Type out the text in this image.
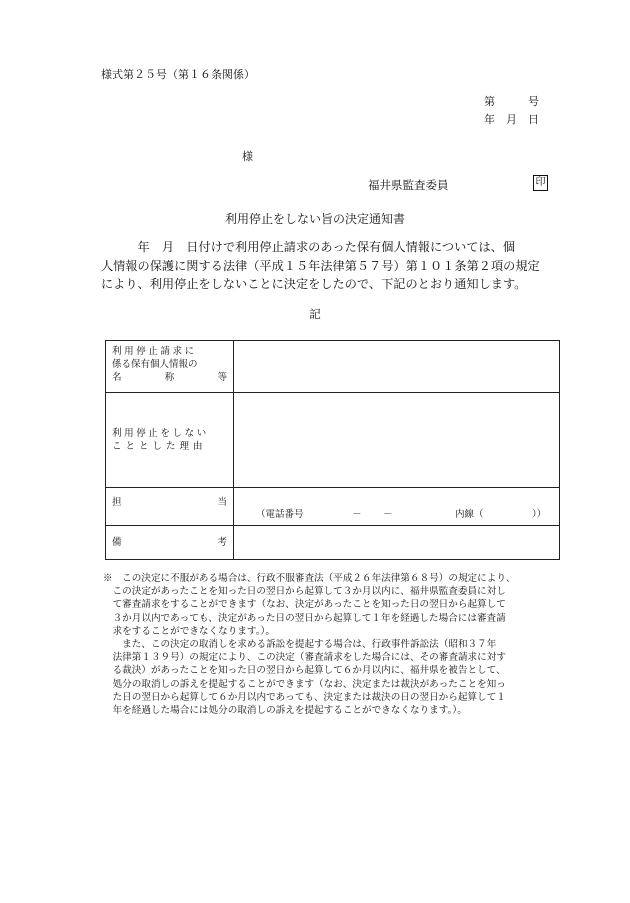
様式第２５号（第１６条関係）
第　　　号
年　月　日
様
福井県監査委員	印
利用停止をしない旨の決定通知書
　　　年　月　日付けで利用停止請求のあった保有個人情報については、個
人情報の保護に関する法律（平成１５年法律第５７号）第１０１条第２項の規定
により、利用停止をしないことに決定をしたので、下記のとおり通知します。
記
利用停止請求に
係る保有個人情報の
名 称 等	

利用停止をしない
こととした理由	

担 当	（電話番号 － － 内線（ ））

備 考	

※　この決定に不服がある場合は、行政不服審査法（平成２６年法律第６８号）の規定により、
　この決定があったことを知った日の翌日から起算して３か月以内に、福井県監査委員に対し
　て審査請求をすることができます（なお、決定があったことを知った日の翌日から起算して
　３か月以内であっても、決定があった日の翌日から起算して１年を経過した場合には審査請
　求をすることができなくなります。）。
　　また、この決定の取消しを求める訴訟を提起する場合は、行政事件訴訟法（昭和３７年
　法律第１３９号）の規定により、この決定（審査請求をした場合には、その審査請求に対す
　る裁決）があったことを知った日の翌日から起算して６か月以内に、福井県を被告として、
　処分の取消しの訴えを提起することができます（なお、決定または裁決があったことを知っ
　た日の翌日から起算して６か月以内であっても、決定または裁決の日の翌日から起算して１
　年を経過した場合には処分の取消しの訴えを提起することができなくなります。）。
